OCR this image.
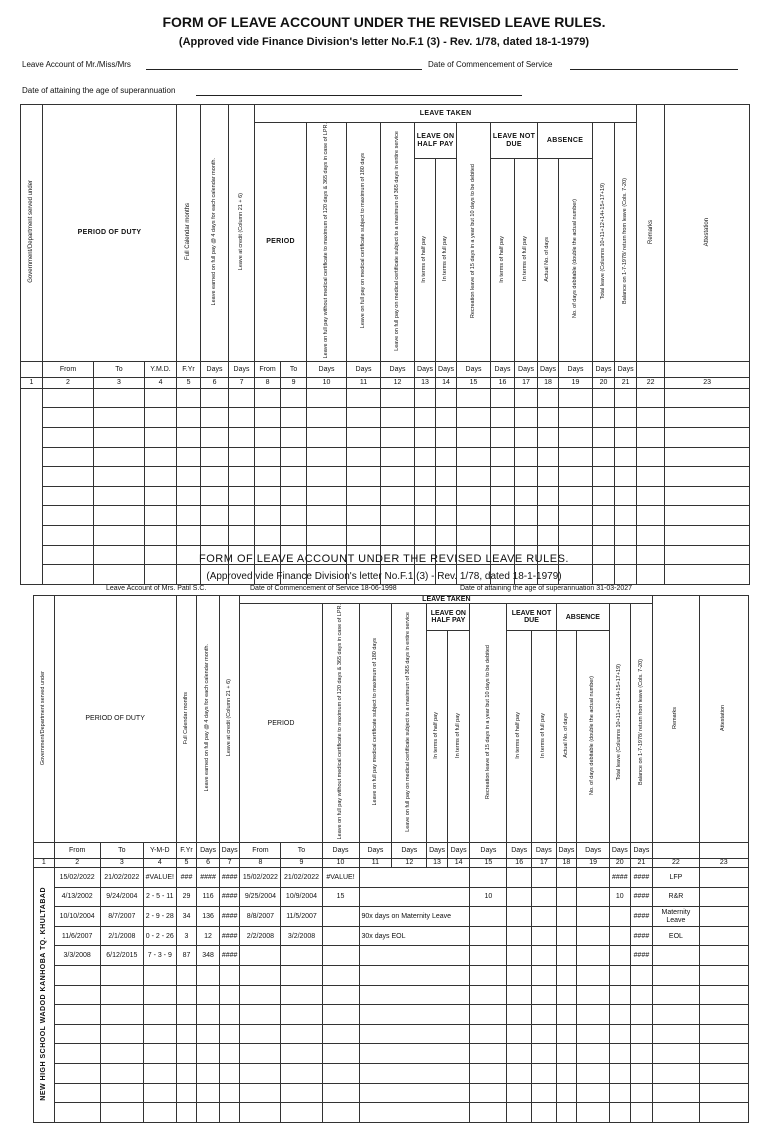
FORM OF LEAVE ACCOUNT UNDER THE REVISED LEAVE RULES.
(Approved vide Finance Division's letter No.F.1 (3) - Rev. 1/78, dated 18-1-1979)
Leave Account of Mr./Miss/Mrs	Date of Commencement of Service
Date of attaining the age of superannuation
Government/Department served under	PERIOD OF DUTY			Full Calendar months	Leave earned on full pay @ 4 days for each calendar month.	Leave at credit (Column 21 + 6)	LEAVE TAKEN														Remarks	Attestation
							PERIOD		Leave on full pay without medical certificate to maximum of 120 days & 365 days in case of LPR.	Leave on full pay on medical certificate subject to maximum of 180 days	Leave on full pay on medical certificate subject to a maximum of 365 days in entire service	LEAVE ON HALF PAY		Recreation leave of 15 days in a year but 10 days to be debited	LEAVE NOT DUE		ABSENCE		Total leave (Columns 10+11+12+14+15+17+19)	Balance on 1-7-1978/ return from leave (Cols. 7-20)		
												In terms of half pay	In terms of full pay		In terms of half pay	In terms of full pay	Actual No. of days	No. of days debitable (double the actual number)				
	From	To	Y.M.D.	F.Yr	Days	Days	From	To	Days	Days	Days	Days	Days	Days	Days	Days	Days	Days	Days	Days		
1	2	3	4	5	6	7	8	9	10	11	12	13	14	15	16	17	18	19	20	21	22	23

FORM OF LEAVE ACCOUNT UNDER THE REVISED LEAVE RULES.
(Approved vide Finance Division's letter No.F.1 (3) - Rev. 1/78, dated 18-1-1979)
Leave Account of Mrs. Patil S.C.	Date of Commencement of Service 18-06-1998	Date of attaining the age of superannuation 31-03-2027
Government/Department served under	PERIOD OF DUTY			Full Calendar months	Leave earned on full pay @ 4 days for each calendar month.	Leave at credit (Column 21 + 6)	LEAVE TAKEN														Remarks	Attestation
							PERIOD		Leave on full pay without medical certificate to maximum of 120 days & 365 days in case of LPR.	Leave on full pay medical certificate subject to maximum of 180 days	Leave on full pay on medical certificate subject to a maximum of 365 days in entire service	LEAVE ON HALF PAY		Recreation leave of 15 days in a year but 10 days to be debited	LEAVE NOT DUE		ABSENCE		Total leave (Columns 10+11+12+14+15+17+19)	Balance on 1-7-1978/ return from leave (Cols. 7-20)		
												In terms of half pay	In terms of full pay		In terms of half pay	In terms of full pay	Actual No. of days	No. of days debitable (double the actual number)				
	From	To	Y-M-D	F.Yr	Days	Days	From	To	Days	Days	Days	Days	Days	Days	Days	Days	Days	Days	Days	Days		
1	2	3	4	5	6	7	8	9	10	11	12	13	14	15	16	17	18	19	20	21	22	23
NEW HIGH SCHOOL WADOD KANHOBA TQ. KHULTABAD	15/02/2022	21/02/2022	#VALUE!	###	####	####	15/02/2022	21/02/2022	#VALUE!										####	####	LFP	
	4/13/2002	9/24/2004	2 - 5 - 11	29	116	####	9/25/2004	10/9/2004	15					10					10	####	R&R	
	10/10/2004	8/7/2007	2 - 9 - 28	34	136	####	8/8/2007	11/5/2007		90x days on Maternity Leave										####	Maternity Leave	
	11/6/2007	2/1/2008	0 - 2 - 26	3	12	####	2/2/2008	3/2/2008		30x days EOL										####	EOL	
	3/3/2008	6/12/2015	7 - 3 - 9	87	348	####														####		
